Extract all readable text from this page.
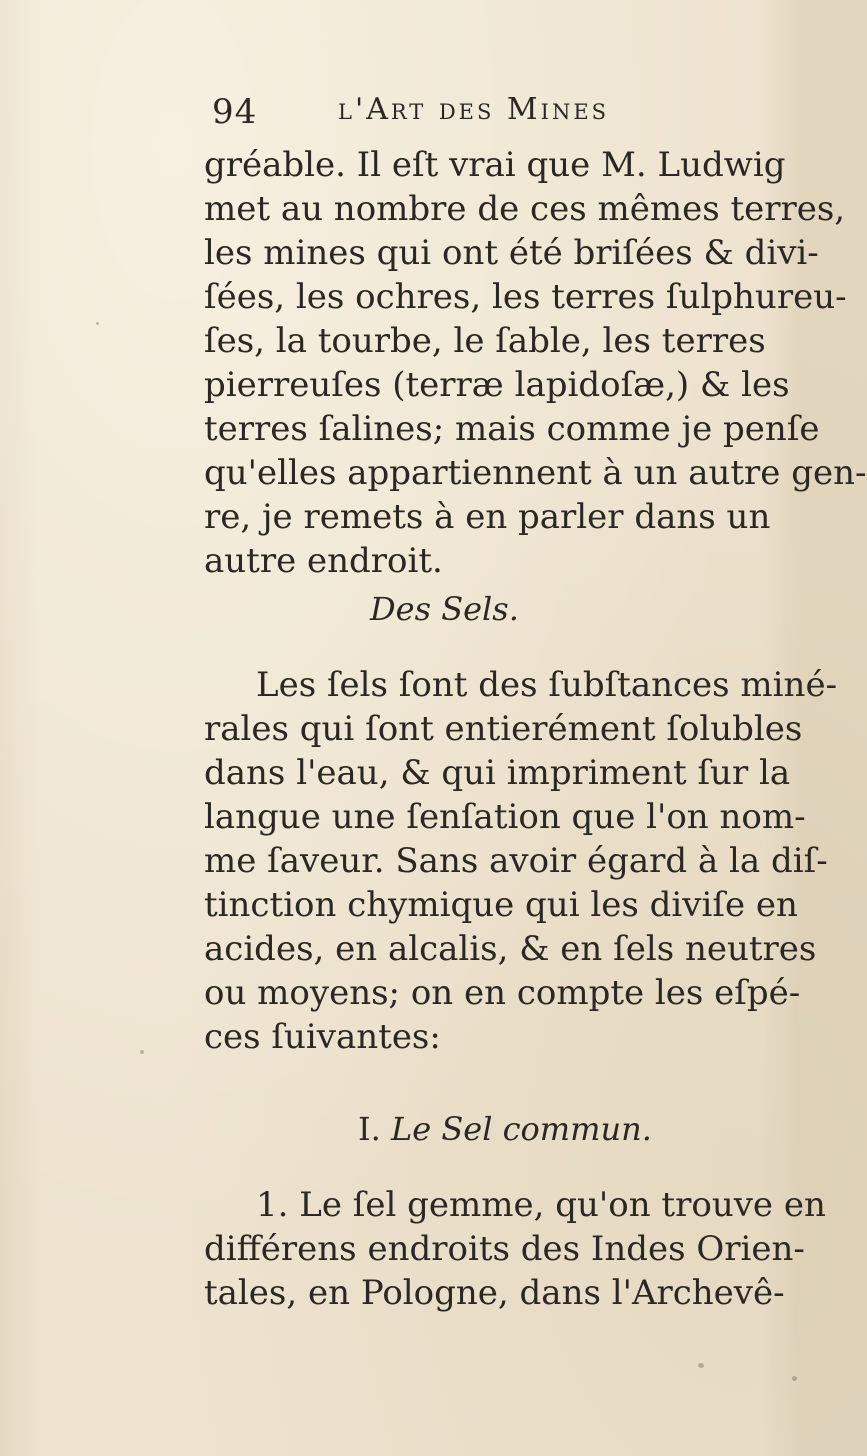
94	l'Art des Mines
gréable. Il eſt vrai que M. Ludwig
met au nombre de ces mêmes terres,
les mines qui ont été briſées & divi-
ſées, les ochres, les terres ſulphureu-
ſes, la tourbe, le ſable, les terres
pierreuſes (terræ lapidoſæ,) & les
terres ſalines; mais comme je penſe
qu'elles appartiennent à un autre gen-
re, je remets à en parler dans un
autre endroit.
Des Sels.
Les ſels ſont des ſubſtances miné-
rales qui ſont entierément ſolubles
dans l'eau, & qui impriment ſur la
langue une ſenſation que l'on nom-
me ſaveur. Sans avoir égard à la diſ-
tinction chymique qui les diviſe en
acides, en alcalis, & en ſels neutres
ou moyens; on en compte les eſpé-
ces ſuivantes:
I. Le Sel commun.
1. Le ſel gemme, qu'on trouve en
différens endroits des Indes Orien-
tales, en Pologne, dans l'Archevê-
